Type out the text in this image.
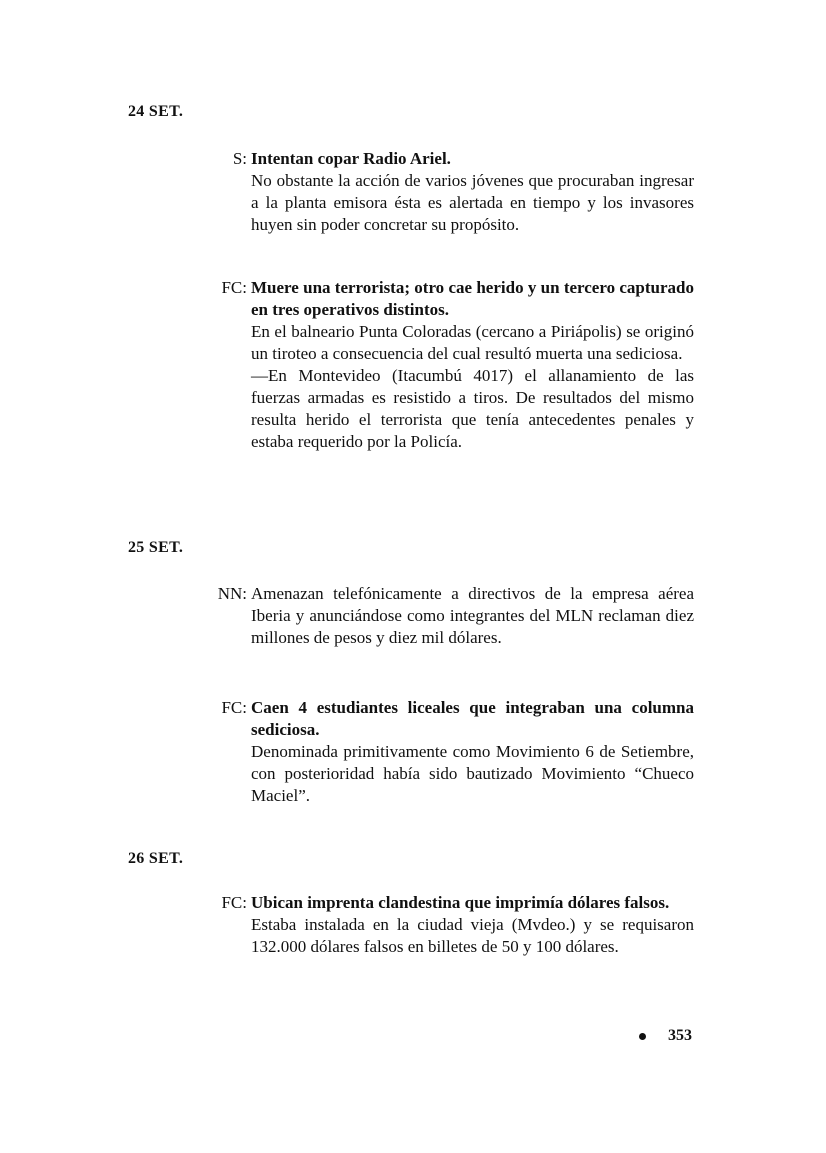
24 SET.
S: Intentan copar Radio Ariel.

No obstante la acción de varios jóvenes que procuraban ingresar a la planta emisora ésta es alertada en tiempo y los invasores huyen sin poder concretar su propósito.

FC: Muere una terrorista; otro cae herido y un tercero capturado en tres operativos distintos.

En el balneario Punta Coloradas (cercano a Piriápolis) se originó un tiroteo a consecuencia del cual resultó muerta una sediciosa.

—En Montevideo (Itacumbú 4017) el allanamiento de las fuerzas armadas es resistido a tiros. De resultados del mismo resulta herido el terrorista que tenía antecedentes penales y estaba requerido por la Policía.

25 SET.
NN: Amenazan telefónicamente a directivos de la empresa aérea Iberia y anunciándose como integrantes del MLN reclaman diez millones de pesos y diez mil dólares.

FC: Caen 4 estudiantes liceales que integraban una columna sediciosa.

Denominada primitivamente como Movimiento 6 de Setiembre, con posterioridad había sido bautizado Movimiento “Chueco Maciel”.

26 SET.
FC: Ubican imprenta clandestina que imprimía dólares falsos.

Estaba instalada en la ciudad vieja (Mvdeo.) y se requisaron 132.000 dólares falsos en billetes de 50 y 100 dólares.

353
